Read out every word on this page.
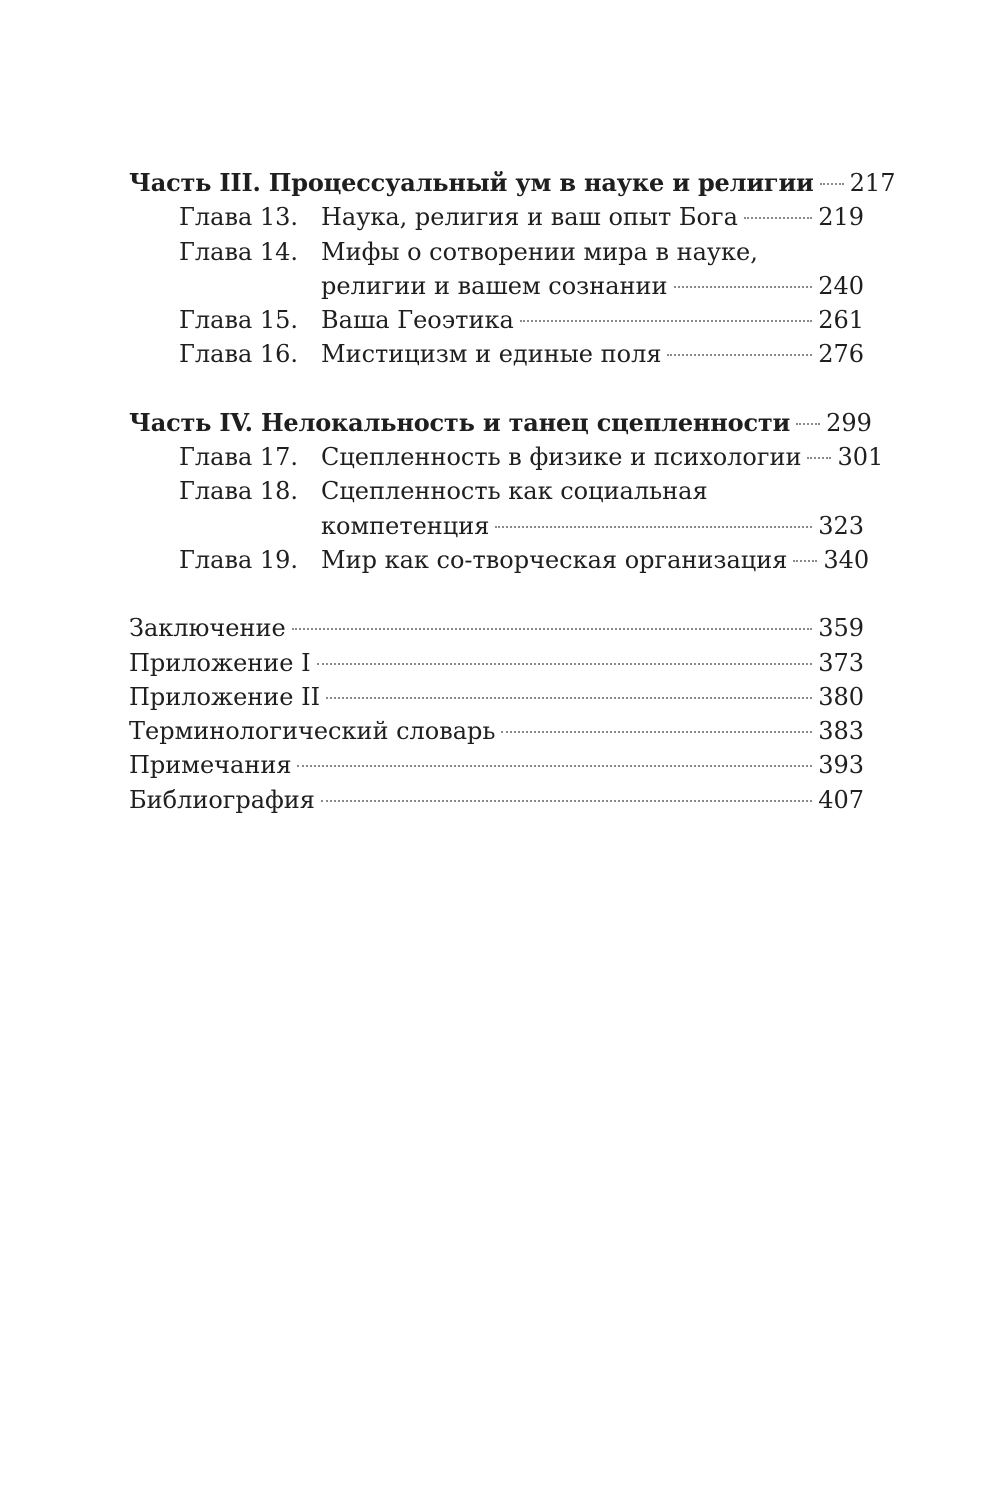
Часть III. Процессуальный ум в науке и религии 217
Глава 13. Наука, религия и ваш опыт Бога	219
Глава 14. Мифы о сотворении мира в науке,
религии и вашем сознании	240
Глава 15. Ваша Геоэтика	261
Глава 16. Мистицизм и единые поля	276
Часть IV. Нелокальность и танец сцепленности 299
Глава 17. Сцепленность в физике и психологии 301
Глава 18. Сцепленность как социальная
компетенция	323
Глава 19. Мир как со-творческая организация 340
Заключение	359
Приложение I	373
Приложение II	380
Терминологический словарь	383
Примечания	393
Библиография	407
